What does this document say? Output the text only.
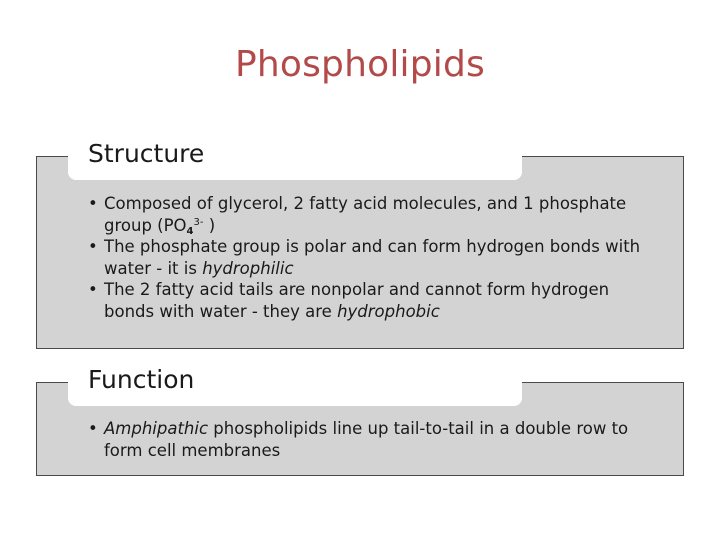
Phospholipids
Structure
• Composed of glycerol, 2 fatty acid molecules, and 1 phosphate group ($PO_4^{3-}$ )
• The phosphate group is polar and can form hydrogen bonds with water - it is hydrophilic
• The 2 fatty acid tails are nonpolar and cannot form hydrogen bonds with water - they are hydrophobic
Function
• Amphipathic phospholipids line up tail-to-tail in a double row to form cell membranes
